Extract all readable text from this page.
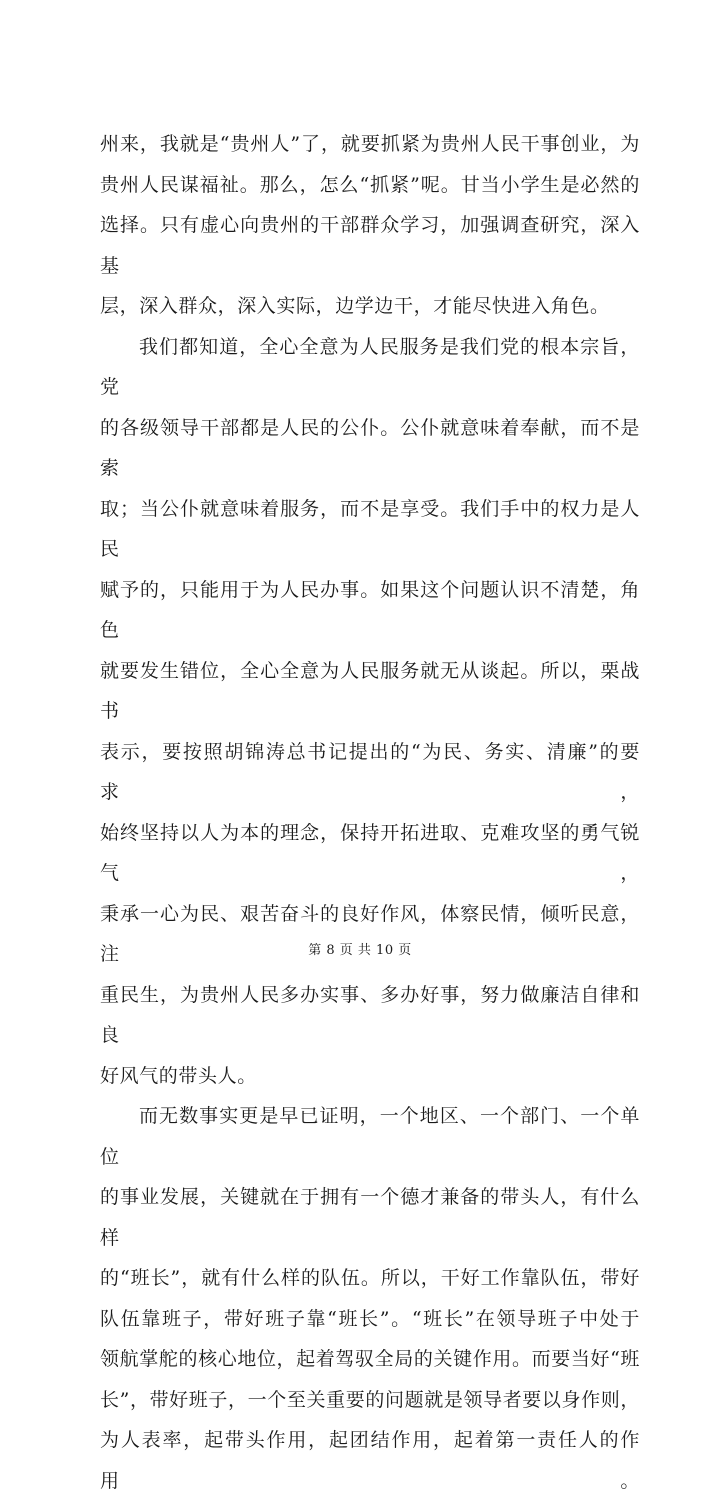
州来，我就是“贵州人”了，就要抓紧为贵州人民干事创业，为

贵州人民谋福祉。那么，怎么“抓紧”呢。甘当小学生是必然的

选择。只有虚心向贵州的干部群众学习，加强调查研究，深入基

层，深入群众，深入实际，边学边干，才能尽快进入角色。

我们都知道，全心全意为人民服务是我们党的根本宗旨，党

的各级领导干部都是人民的公仆。公仆就意味着奉献，而不是索

取；当公仆就意味着服务，而不是享受。我们手中的权力是人民

赋予的，只能用于为人民办事。如果这个问题认识不清楚，角色

就要发生错位，全心全意为人民服务就无从谈起。所以，栗战书

表示，要按照胡锦涛总书记提出的“为民、务实、清廉”的要求，

始终坚持以人为本的理念，保持开拓进取、克难攻坚的勇气锐气，

秉承一心为民、艰苦奋斗的良好作风，体察民情，倾听民意，注

重民生，为贵州人民多办实事、多办好事，努力做廉洁自律和良

好风气的带头人。

而无数事实更是早已证明，一个地区、一个部门、一个单位

的事业发展，关键就在于拥有一个德才兼备的带头人，有什么样

的“班长”，就有什么样的队伍。所以，干好工作靠队伍，带好

队伍靠班子，带好班子靠“班长”。“班长”在领导班子中处于

领航掌舵的核心地位，起着驾驭全局的关键作用。而要当好“班

长”，带好班子，一个至关重要的问题就是领导者要以身作则，

为人表率，起带头作用，起团结作用，起着第一责任人的作用。

第 8 页 共 10 页
